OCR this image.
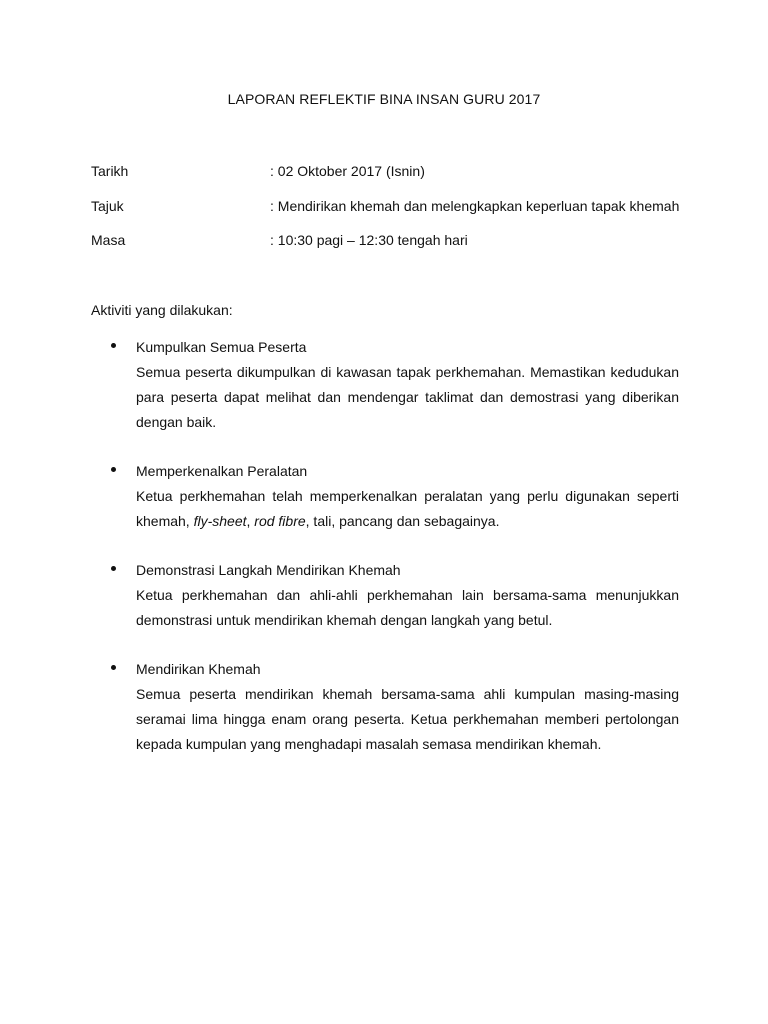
LAPORAN REFLEKTIF BINA INSAN GURU 2017
Tarikh	: 02 Oktober 2017 (Isnin)
Tajuk	: Mendirikan khemah dan melengkapkan keperluan tapak khemah
Masa	: 10:30 pagi – 12:30 tengah hari
Aktiviti yang dilakukan:
Kumpulkan Semua Peserta

Semua peserta dikumpulkan di kawasan tapak perkhemahan. Memastikan kedudukan para peserta dapat melihat dan mendengar taklimat dan demostrasi yang diberikan dengan baik.

Memperkenalkan Peralatan

Ketua perkhemahan telah memperkenalkan peralatan yang perlu digunakan seperti khemah, fly-sheet, rod fibre, tali, pancang dan sebagainya.

Demonstrasi Langkah Mendirikan Khemah

Ketua perkhemahan dan ahli-ahli perkhemahan lain bersama-sama menunjukkan demonstrasi untuk mendirikan khemah dengan langkah yang betul.

Mendirikan Khemah

Semua peserta mendirikan khemah bersama-sama ahli kumpulan masing-masing seramai lima hingga enam orang peserta. Ketua perkhemahan memberi pertolongan kepada kumpulan yang menghadapi masalah semasa mendirikan khemah.
